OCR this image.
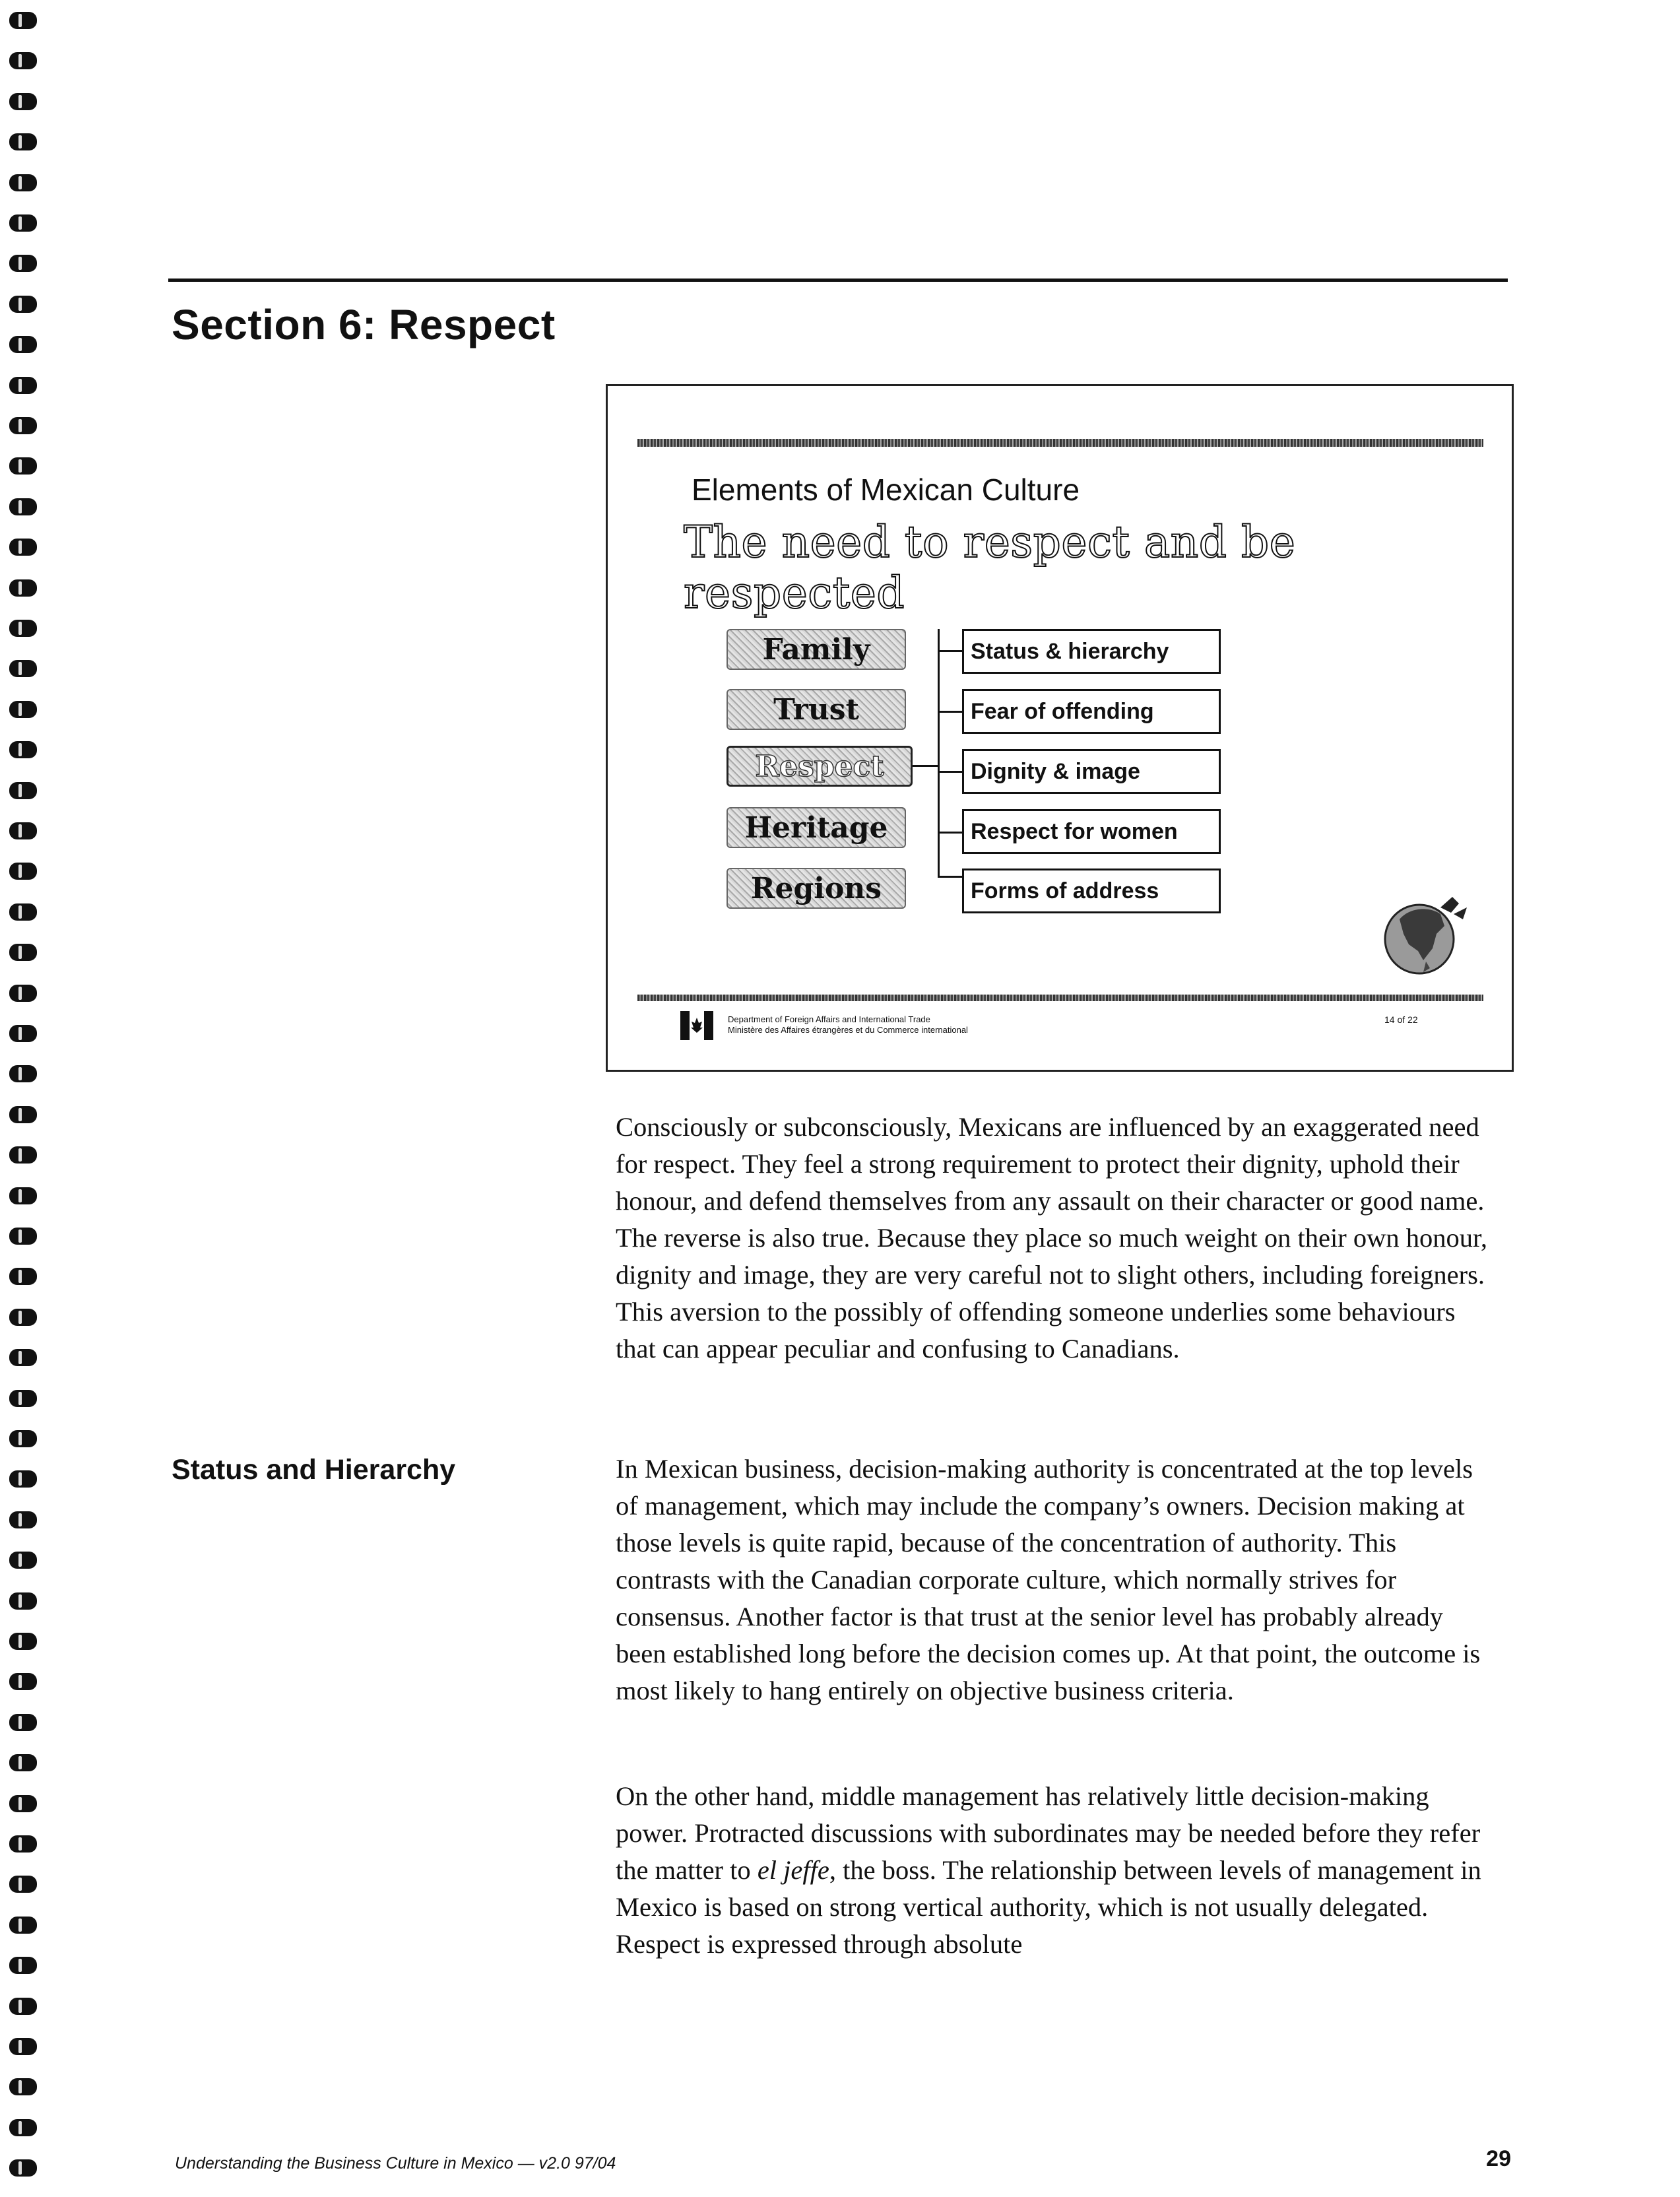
Section 6: Respect
Elements of Mexican Culture
The need to respect and be respected
Family
Trust
Respect
Heritage
Regions
Status & hierarchy
Fear of offending
Dignity & image
Respect for women
Forms of address

Department of Foreign Affairs and International Trade
Ministère des Affaires étrangères et du Commerce international

14 of 22

Consciously or subconsciously, Mexicans are influenced by an exaggerated need for respect. They feel a strong requirement to protect their dignity, uphold their honour, and defend themselves from any assault on their character or good name. The reverse is also true. Because they place so much weight on their own honour, dignity and image, they are very careful not to slight others, including foreigners. This aversion to the possibly of offending someone underlies some behaviours that can appear peculiar and confusing to Canadians.

Status and Hierarchy	In Mexican business, decision-making authority is concentrated at the top levels of management, which may include the company’s owners. Decision making at those levels is quite rapid, because of the concentration of authority. This contrasts with the Canadian corporate culture, which normally strives for consensus. Another factor is that trust at the senior level has probably already been established long before the decision comes up. At that point, the outcome is most likely to hang entirely on objective business criteria.

On the other hand, middle management has relatively little decision-making power. Protracted discussions with subordinates may be needed before they refer the matter to el jeffe, the boss. The relationship between levels of management in Mexico is based on strong vertical authority, which is not usually delegated. Respect is expressed through absolute

Understanding the Business Culture in Mexico — v2.0 97/04	29
